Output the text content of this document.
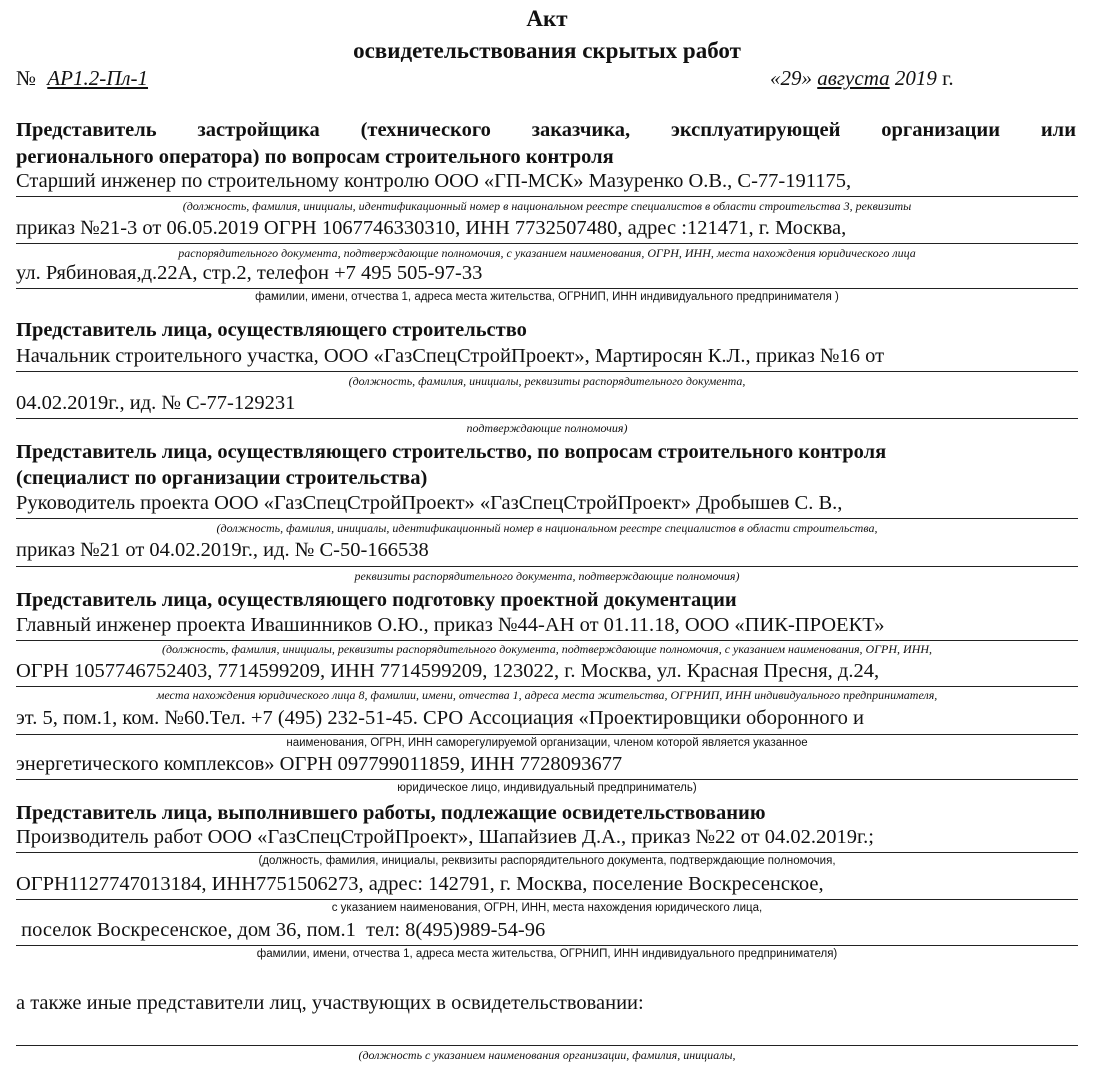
Акт
освидетельствования скрытых работ
№ АР1.2-Пл-1	«29» августа 2019 г.
Представитель застройщика (технического заказчика, эксплуатирующей организации или
регионального оператора) по вопросам строительного контроля
Старший инженер по строительному контролю ООО «ГП-МСК» Мазуренко О.В., С-77-191175,
(должность, фамилия, инициалы, идентификационный номер в национальном реестре специалистов в области строительства 3, реквизиты
приказ №21-3 от 06.05.2019 ОГРН 1067746330310, ИНН 7732507480, адрес :121471, г. Москва,
распорядительного документа, подтверждающие полномочия, с указанием наименования, ОГРН, ИНН, места нахождения юридического лица
ул. Рябиновая,д.22А, стр.2, телефон +7 495 505-97-33
фамилии, имени, отчества 1, адреса места жительства, ОГРНИП, ИНН индивидуального предпринимателя )
Представитель лица, осуществляющего строительство
Начальник строительного участка, ООО «ГазСпецСтройПроект», Мартиросян К.Л., приказ №16 от
(должность, фамилия, инициалы, реквизиты распорядительного документа,
04.02.2019г., ид. № С-77-129231
подтверждающие полномочия)
Представитель лица, осуществляющего строительство, по вопросам строительного контроля
(специалист по организации строительства)
Руководитель проекта ООО «ГазСпецСтройПроект» «ГазСпецСтройПроект» Дробышев С. В.,
(должность, фамилия, инициалы, идентификационный номер в национальном реестре специалистов в области строительства,
приказ №21 от 04.02.2019г., ид. № С-50-166538
реквизиты распорядительного документа, подтверждающие полномочия)
Представитель лица, осуществляющего подготовку проектной документации
Главный инженер проекта Ивашинников О.Ю., приказ №44-АН от 01.11.18, ООО «ПИК-ПРОЕКТ»
(должность, фамилия, инициалы, реквизиты распорядительного документа, подтверждающие полномочия, с указанием наименования, ОГРН, ИНН,
ОГРН 1057746752403, 7714599209, ИНН 7714599209, 123022, г. Москва, ул. Красная Пресня, д.24,
места нахождения юридического лица 8, фамилии, имени, отчества 1, адреса места жительства, ОГРНИП, ИНН индивидуального предпринимателя,
эт. 5, пом.1, ком. №60.Тел. +7 (495) 232-51-45. СРО Ассоциация «Проектировщики оборонного и
наименования, ОГРН, ИНН саморегулируемой организации, членом которой является указанное
энергетического комплексов» ОГРН 097799011859, ИНН 7728093677
юридическое лицо, индивидуальный предприниматель)
Представитель лица, выполнившего работы, подлежащие освидетельствованию
Производитель работ ООО «ГазСпецСтройПроект», Шапайзиев Д.А., приказ №22 от 04.02.2019г.;
(должность, фамилия, инициалы, реквизиты распорядительного документа, подтверждающие полномочия,
ОГРН1127747013184, ИНН7751506273, адрес: 142791, г. Москва, поселение Воскресенское,
с указанием наименования, ОГРН, ИНН, места нахождения юридического лица,
поселок Воскресенское, дом 36, пом.1  тел: 8(495)989-54-96
фамилии, имени, отчества 1, адреса места жительства, ОГРНИП, ИНН индивидуального предпринимателя)
а также иные представители лиц, участвующих в освидетельствовании:
(должность с указанием наименования организации, фамилия, инициалы,
